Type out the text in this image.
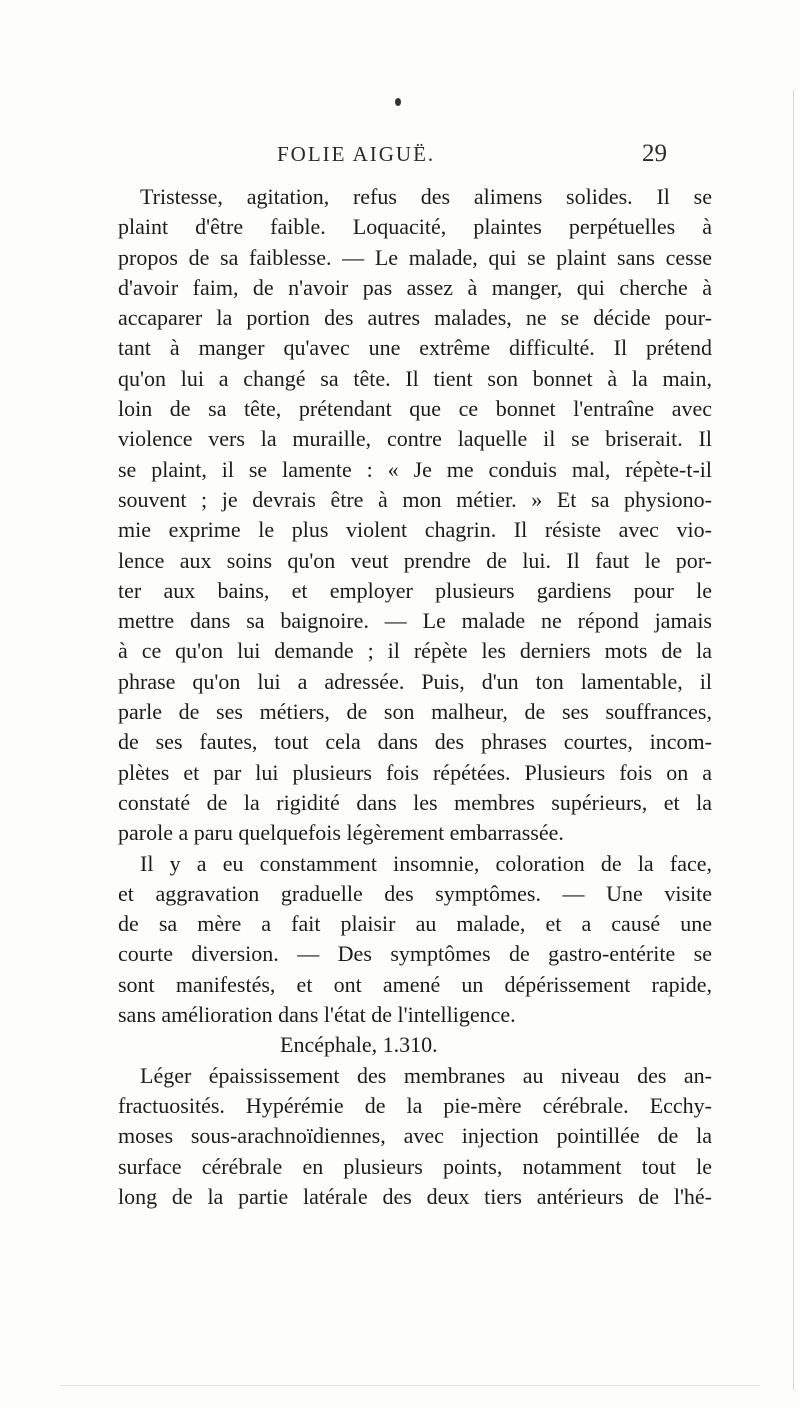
FOLIE AIGUË.	29
Tristesse, agitation, refus des alimens solides. Il se
plaint d'être faible. Loquacité, plaintes perpétuelles à
propos de sa faiblesse. — Le malade, qui se plaint sans cesse
d'avoir faim, de n'avoir pas assez à manger, qui cherche à
accaparer la portion des autres malades, ne se décide pour-
tant à manger qu'avec une extrême difficulté. Il prétend
qu'on lui a changé sa tête. Il tient son bonnet à la main,
loin de sa tête, prétendant que ce bonnet l'entraîne avec
violence vers la muraille, contre laquelle il se briserait. Il
se plaint, il se lamente : « Je me conduis mal, répète-t-il
souvent ; je devrais être à mon métier. » Et sa physiono-
mie exprime le plus violent chagrin. Il résiste avec vio-
lence aux soins qu'on veut prendre de lui. Il faut le por-
ter aux bains, et employer plusieurs gardiens pour le
mettre dans sa baignoire. — Le malade ne répond jamais
à ce qu'on lui demande ; il répète les derniers mots de la
phrase qu'on lui a adressée. Puis, d'un ton lamentable, il
parle de ses métiers, de son malheur, de ses souffrances,
de ses fautes, tout cela dans des phrases courtes, incom-
plètes et par lui plusieurs fois répétées. Plusieurs fois on a
constaté de la rigidité dans les membres supérieurs, et la
parole a paru quelquefois légèrement embarrassée.
Il y a eu constamment insomnie, coloration de la face,
et aggravation graduelle des symptômes. — Une visite
de sa mère a fait plaisir au malade, et a causé une
courte diversion. — Des symptômes de gastro-entérite se
sont manifestés, et ont amené un dépérissement rapide,
sans amélioration dans l'état de l'intelligence.
Encéphale, 1.310.
Léger épaississement des membranes au niveau des an-
fractuosités. Hypérémie de la pie-mère cérébrale. Ecchy-
moses sous-arachnoïdiennes, avec injection pointillée de la
surface cérébrale en plusieurs points, notamment tout le
long de la partie latérale des deux tiers antérieurs de l'hé-
